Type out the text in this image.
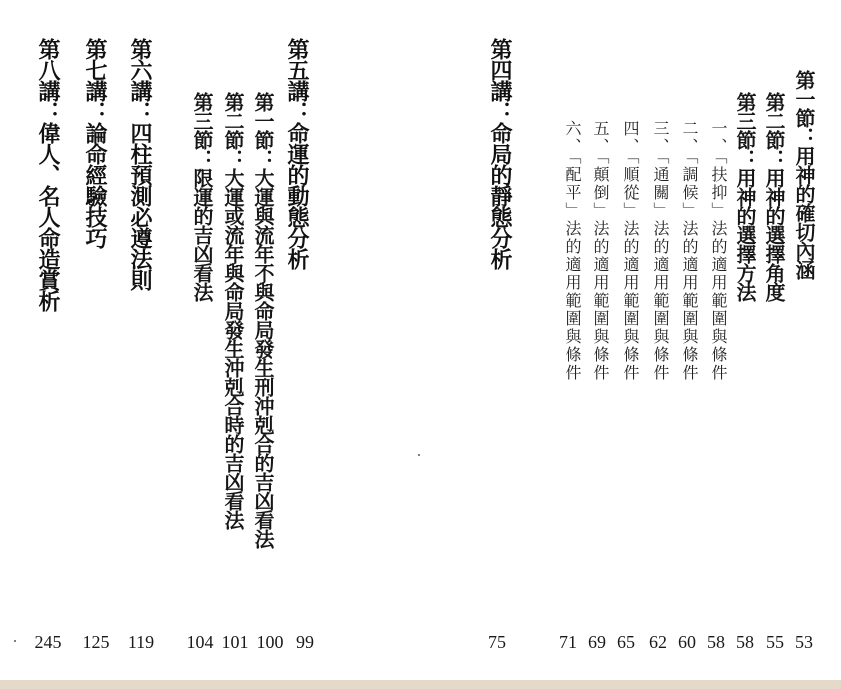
第一節：用神的確切內涵
第二節：用神的選擇角度
第三節：用神的選擇方法
一、「扶抑」法的適用範圍與條件
二、「調候」法的適用範圍與條件
三、「通關」法的適用範圍與條件
四、「順從」法的適用範圍與條件
五、「顛倒」法的適用範圍與條件
六、「配平」法的適用範圍與條件
第四講：命局的靜態分析
第五講：命運的動態分析
第一節：大運與流年不與命局發生刑沖剋合的吉凶看法
第二節：大運或流年與命局發生沖剋合時的吉凶看法
第三節：限運的吉凶看法
第六講：四柱預測必遵法則
第七講：論命經驗技巧
第八講：偉人、名人命造賞析
53
55
58
58
60
62
65
69
71
75
99
100
101
104
119
125
245
